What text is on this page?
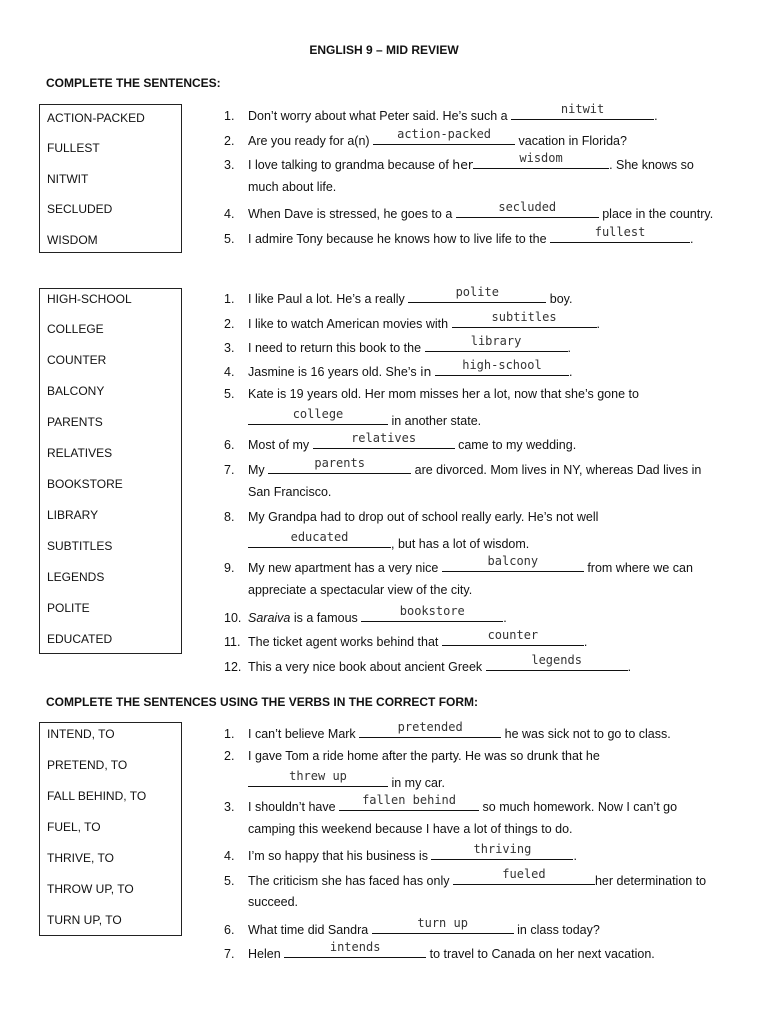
ENGLISH 9 – MID REVIEW
COMPLETE THE SENTENCES:
ACTION-PACKED
FULLEST
NITWIT
SECLUDED
WISDOM
1. Don’t worry about what Peter said. He’s such a	nitwit	.
2. Are you ready for a(n)	action-packed	vacation in Florida?
3. I love talking to grandma because of her	wisdom	. She knows so
much about life.
4. When Dave is stressed, he goes to a	secluded	place in the country.
5. I admire Tony because he knows how to live life to the	fullest	.
HIGH-SCHOOL
COLLEGE
COUNTER
BALCONY
PARENTS
RELATIVES
BOOKSTORE
LIBRARY
SUBTITLES
LEGENDS
POLITE
EDUCATED
1. I like Paul a lot. He’s a really	polite	boy.
2. I like to watch American movies with	subtitles	.
3. I need to return this book to the	library	.
4. Jasmine is 16 years old. She’s in	high-school	.
5. Kate is 19 years old. Her mom misses her a lot, now that she’s gone to
college	in another state.
6. Most of my	relatives	came to my wedding.
7. My	parents	are divorced. Mom lives in NY, whereas Dad lives in
San Francisco.
8. My Grandpa had to drop out of school really early. He’s not well
educated	, but has a lot of wisdom.
9. My new apartment has a very nice	balcony	from where we can
appreciate a spectacular view of the city.
10. Saraiva is a famous	bookstore	.
11. The ticket agent works behind that	counter	.
12. This a very nice book about ancient Greek	legends	.
COMPLETE THE SENTENCES USING THE VERBS IN THE CORRECT FORM:
INTEND, TO
PRETEND, TO
FALL BEHIND, TO
FUEL, TO
THRIVE, TO
THROW UP, TO
TURN UP, TO
1. I can’t believe Mark	pretended	he was sick not to go to class.
2. I gave Tom a ride home after the party. He was so drunk that he
threw up	in my car.
3. I shouldn’t have	fallen behind	so much homework. Now I can’t go
camping this weekend because I have a lot of things to do.
4. I’m so happy that his business is	thriving	.
5. The criticism she has faced has only	fueled	her determination to
succeed.
6. What time did Sandra	turn up	in class today?
7. Helen	intends	to travel to Canada on her next vacation.
